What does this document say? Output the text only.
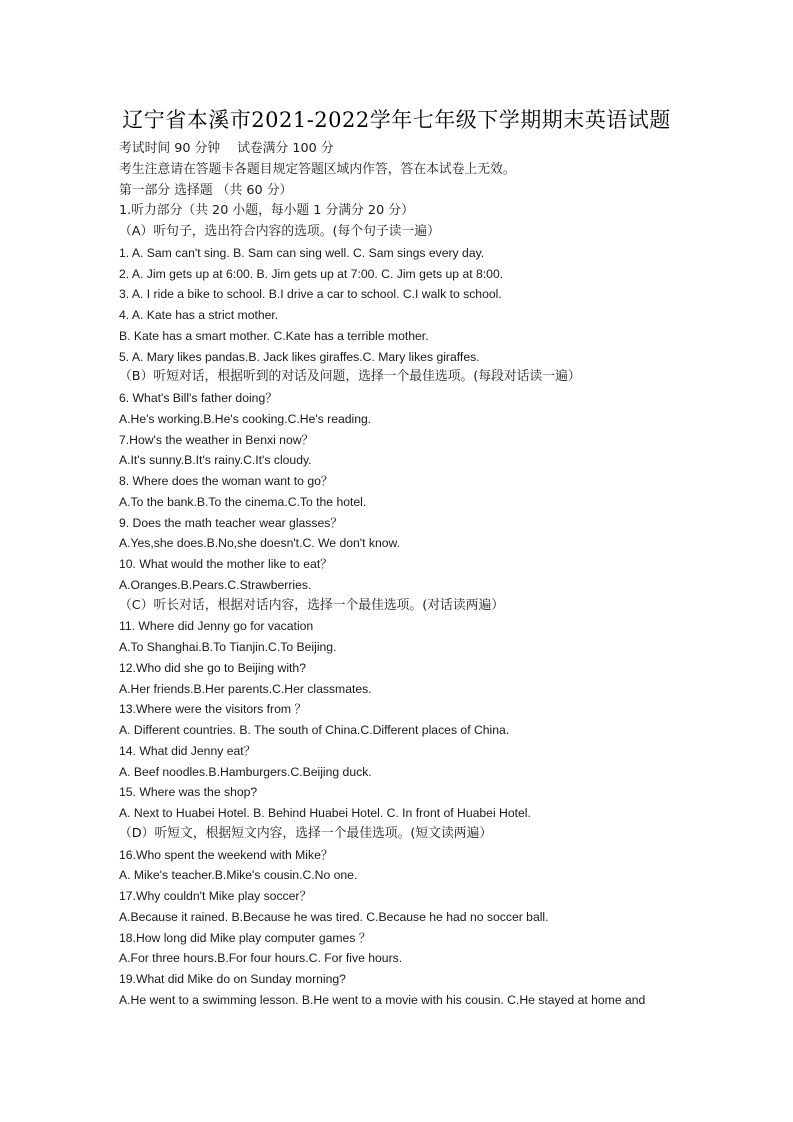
辽宁省本溪市2021-2022学年七年级下学期期末英语试题
考试时间 90 分钟　 试卷满分 100 分
考生注意请在答题卡各题目规定答题区域内作答，答在本试卷上无效。
第一部分 选择题 （共 60 分）
1.听力部分（共 20 小题，每小题 1 分满分 20 分）
（A）听句子，选出符合内容的选项。(每个句子读一遍）
1. A. Sam can't sing. B. Sam can sing well. C. Sam sings every day.
2. A. Jim gets up at 6:00. B. Jim gets up at 7:00. C. Jim gets up at 8:00.
3. A. I ride a bike to school. B.I drive a car to school. C.I walk to school.
4. A. Kate has a strict mother.
B. Kate has a smart mother. C.Kate has a terrible mother.
5. A. Mary likes pandas.B. Jack likes giraffes.C. Mary likes giraffes.
（B）听短对话，根据听到的对话及问题，选择一个最佳选项。(每段对话读一遍）
6. What's Bill's father doing？
A.He's working.B.He's cooking.C.He's reading.
7.How's the weather in Benxi now？
A.It's sunny.B.It's rainy.C.It's cloudy.
8. Where does the woman want to go？
A.To the bank.B.To the cinema.C.To the hotel.
9. Does the math teacher wear glasses？
A.Yes,she does.B.No,she doesn't.C. We don't know.
10. What would the mother like to eat？
A.Oranges.B.Pears.C.Strawberries.
（C）听长对话，根据对话内容，选择一个最佳选项。(对话读两遍）
11. Where did Jenny go for vacation
A.To Shanghai.B.To Tianjin.C.To Beijing.
12.Who did she go to Beijing with?
A.Her friends.B.Her parents.C.Her classmates.
13.Where were the visitors from ？
A. Different countries. B. The south of China.C.Different places of China.
14. What did Jenny eat？
A. Beef noodles.B.Hamburgers.C.Beijing duck.
15. Where was the shop?
A. Next to Huabei Hotel. B. Behind Huabei Hotel. C. In front of Huabei Hotel.
（D）听短文，根据短文内容，选择一个最佳选项。(短文读两遍）
16.Who spent the weekend with Mike？
A. Mike's teacher.B.Mike's cousin.C.No one.
17.Why couldn't Mike play soccer？
A.Because it rained. B.Because he was tired. C.Because he had no soccer ball.
18.How long did Mike play computer games ？
A.For three hours.B.For four hours.C. For five hours.
19.What did Mike do on Sunday morning?
A.He went to a swimming lesson. B.He went to a movie with his cousin. C.He stayed at home and
